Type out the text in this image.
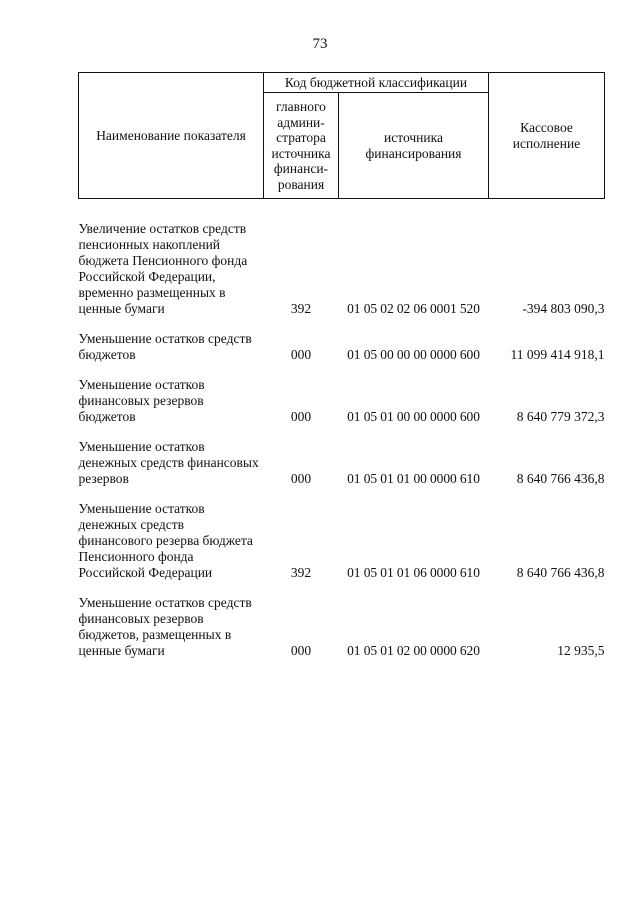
73
Наименование показателя	Код бюджетной классификации		Кассовое исполнение
	главного админи-стратора источника финанси-рования	источника финансирования	

Увеличение остатков средств пенсионных накоплений бюджета Пенсионного фонда Российской Федерации, временно размещенных в ценные бумаги	392	01 05 02 02 06 0001 520	-394 803 090,3

Уменьшение остатков средств бюджетов	000	01 05 00 00 00 0000 600	11 099 414 918,1

Уменьшение остатков финансовых резервов бюджетов	000	01 05 01 00 00 0000 600	8 640 779 372,3

Уменьшение остатков денежных средств финансовых резервов	000	01 05 01 01 00 0000 610	8 640 766 436,8

Уменьшение остатков денежных средств финансового резерва бюджета Пенсионного фонда Российской Федерации	392	01 05 01 01 06 0000 610	8 640 766 436,8

Уменьшение остатков средств финансовых резервов бюджетов, размещенных в ценные бумаги	000	01 05 01 02 00 0000 620	12 935,5
